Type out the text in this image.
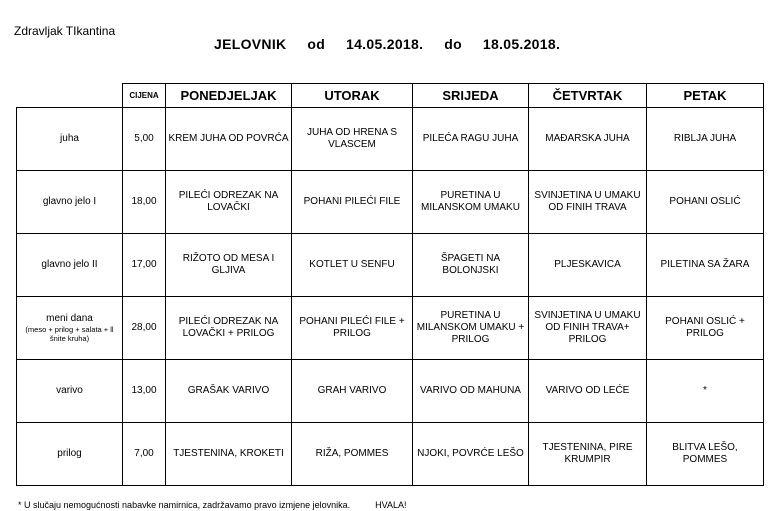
Zdravljak TIkantina
JELOVNIK     od     14.05.2018.     do     18.05.2018.
	CIJENA	PONEDJELJAK	UTORAK	SRIJEDA	ČETVRTAK	PETAK
juha	5,00	KREM JUHA OD POVRĆA	JUHA OD HRENA S VLASCEM	PILEĆA RAGU JUHA	MAĐARSKA JUHA	RIBLJA JUHA
glavno jelo I	18,00	PILEĆI ODREZAK NA LOVAČKI	POHANI PILEĆI FILE	PURETINA U MILANSKOM UMAKU	SVINJETINA U UMAKU OD FINIH TRAVA	POHANI OSLIĆ
glavno jelo II	17,00	RIŽOTO OD MESA I GLJIVA	KOTLET U SENFU	ŠPAGETI NA BOLONJSKI	PLJESKAVICA	PILETINA SA ŽARA
meni dana
(meso + prilog + salata + ll šnite kruha)	28,00	PILEĆI ODREZAK NA LOVAČKI + PRILOG	POHANI PILEĆI FILE + PRILOG	PURETINA U MILANSKOM UMAKU + PRILOG	SVINJETINA U UMAKU OD FINIH TRAVA+ PRILOG	POHANI OSLIĆ + PRILOG
varivo	13,00	GRAŠAK VARIVO	GRAH VARIVO	VARIVO OD MAHUNA	VARIVO OD LEĆE	*
prilog	7,00	TJESTENINA, KROKETI	RIŽA, POMMES	NJOKI, POVRĆE LEŠO	TJESTENINA, PIRE KRUMPIR	BLITVA LEŠO, POMMES
* U slučaju nemogućnosti nabavke namirnica, zadržavamo pravo izmjene jelovnika.          HVALA!
